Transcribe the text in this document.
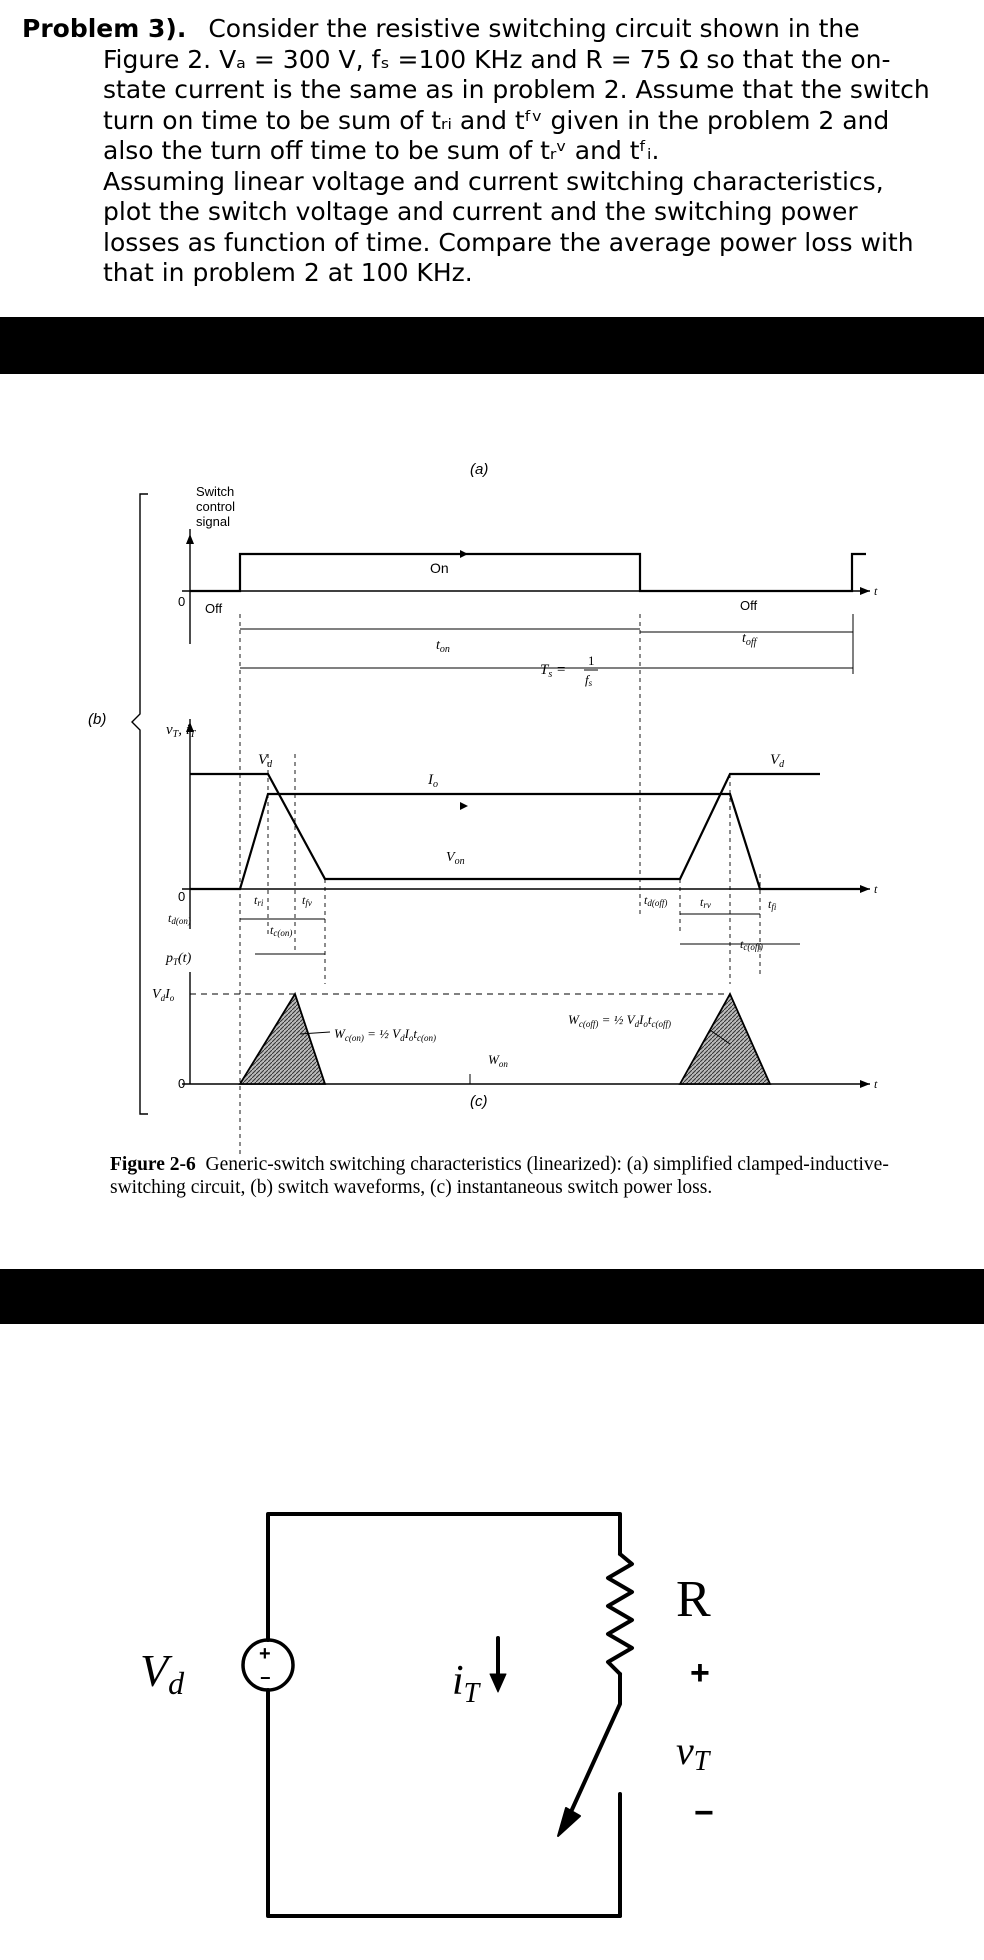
Problem 3). Consider the resistive switching circuit shown in the

Figure 2. Vₐ = 300 V, fₛ =100 KHz and R = 75 Ω so that the on-state current is the same as in problem 2. Assume that the switch turn on time to be sum of tᵣᵢ and tᶠᵛ given in the problem 2 and also the turn off time to be sum of tᵣᵛ and tᶠᵢ.

Assuming linear voltage and current switching characteristics, plot the switch voltage and current and the switching power losses as function of time. Compare the average power loss with that in problem 2 at 100 KHz.

(a)
(b)
(c)
Switch
control
signal
On
Off	Off
0
$t_{on}$
$t_{off}$
$T_s$ =
1
fs
$v_T$, $i_T$
$V_d$	$V_d$
$I_o$
$V_{on}$
0
td(on)
tri	tfv
tc(on)
td(off)	trv	tfi
tc(off)
$p_T(t)$
$V_dI_o$
0
$W_{c(on)}$ = ½ $V_dI_ot_{c(on)}$
$W_{c(off)}$ = ½ $V_dI_ot_{c(off)}$
$W_{on}$
t
t
t
Figure 2-6 Generic-switch switching characteristics (linearized): (a) simplified clamped-inductive-switching circuit, (b) switch waveforms, (c) instantaneous switch power loss.
+
−
Vd	iT
R
+
vT
−
